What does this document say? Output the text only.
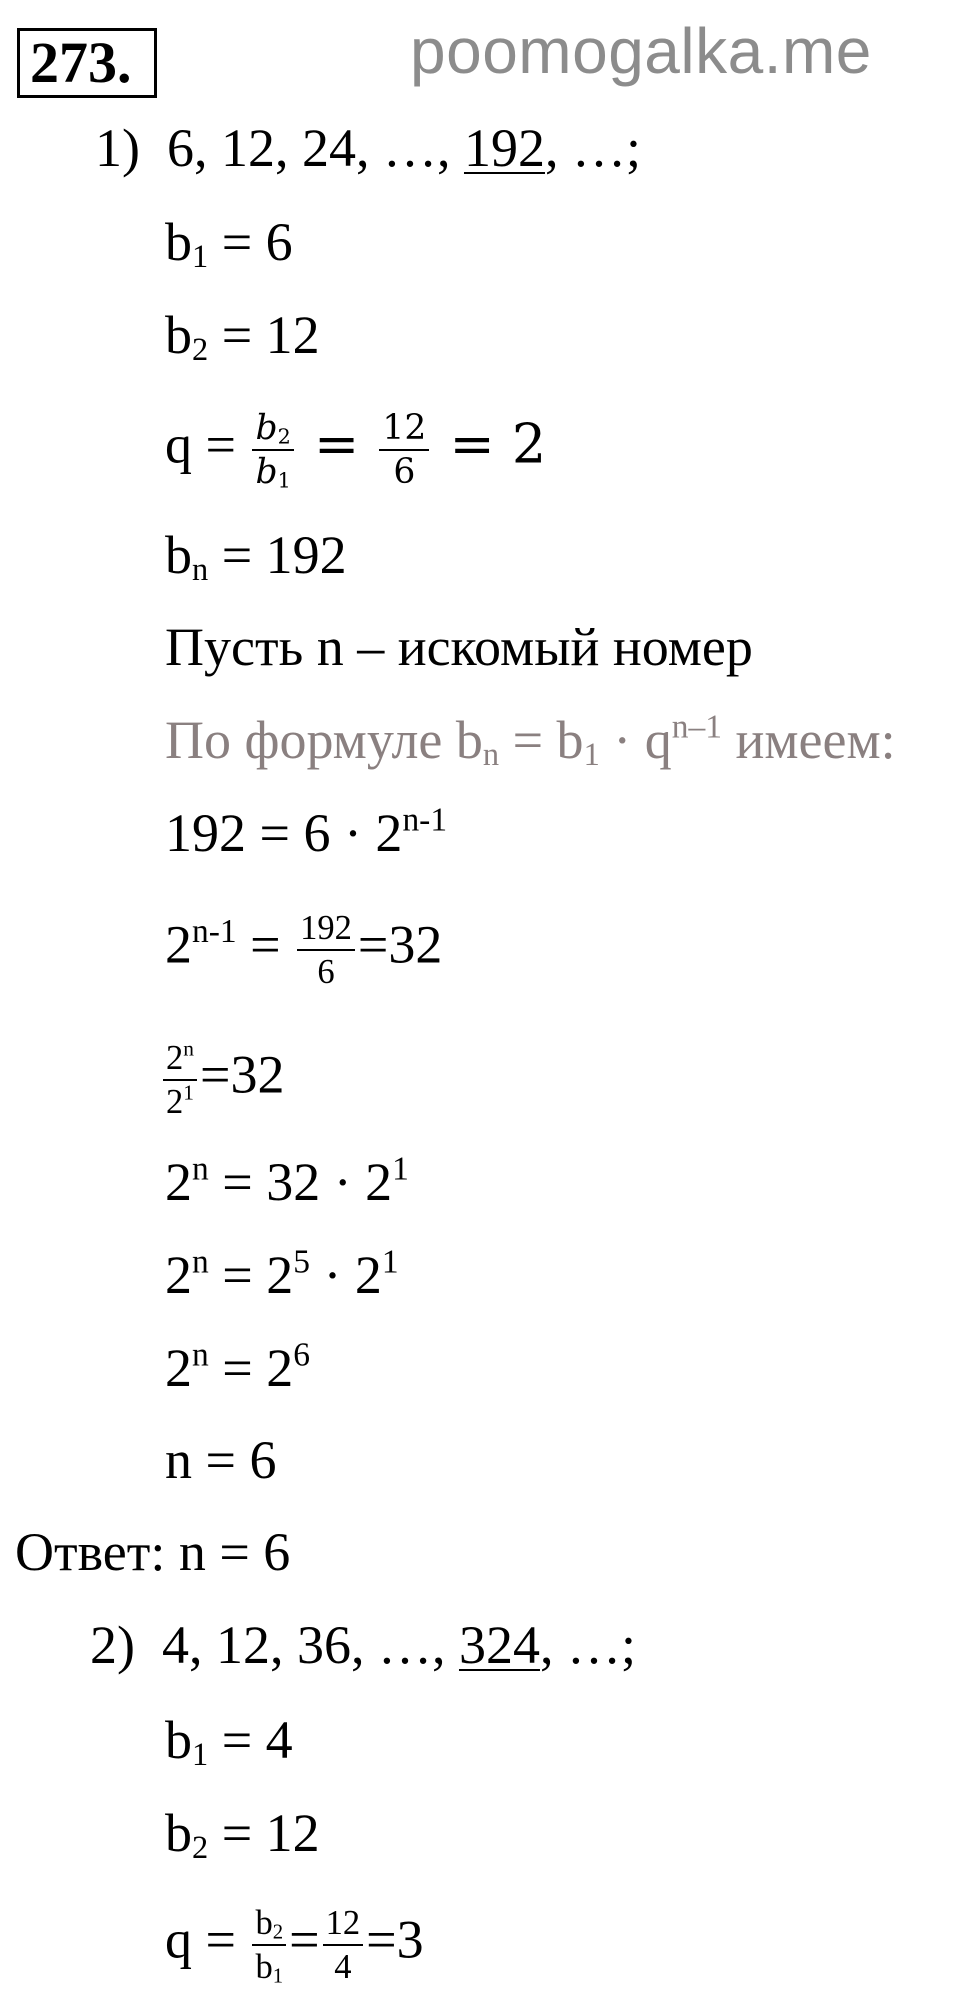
poomogalka.me
273.
1) 6, 12, 24, …, 192, …;
$b_1 = 6$
$b_2 = 12$
$q = \frac{b_2}{b_1} = \frac{12}{6} = 2$
$b_n = 192$
Пусть n – искомый номер
По формуле $b_n = b_1 \cdot q^{n-1}$ имеем:
$192 = 6 \cdot 2^{n-1}$
$2^{n-1} = \frac{192}{6} =32$
$\frac{2^n}{2^1} =32$
$2^n = 32 \cdot 2^1$
$2^n = 2^5 \cdot 2^1$
$2^n = 2^6$
n = 6
Ответ: n = 6
2) 4, 12, 36, …, 324, …;
$b_1 = 4$
$b_2 = 12$
$q = \frac{b_2}{b_1} = \frac{12}{4} =3$
